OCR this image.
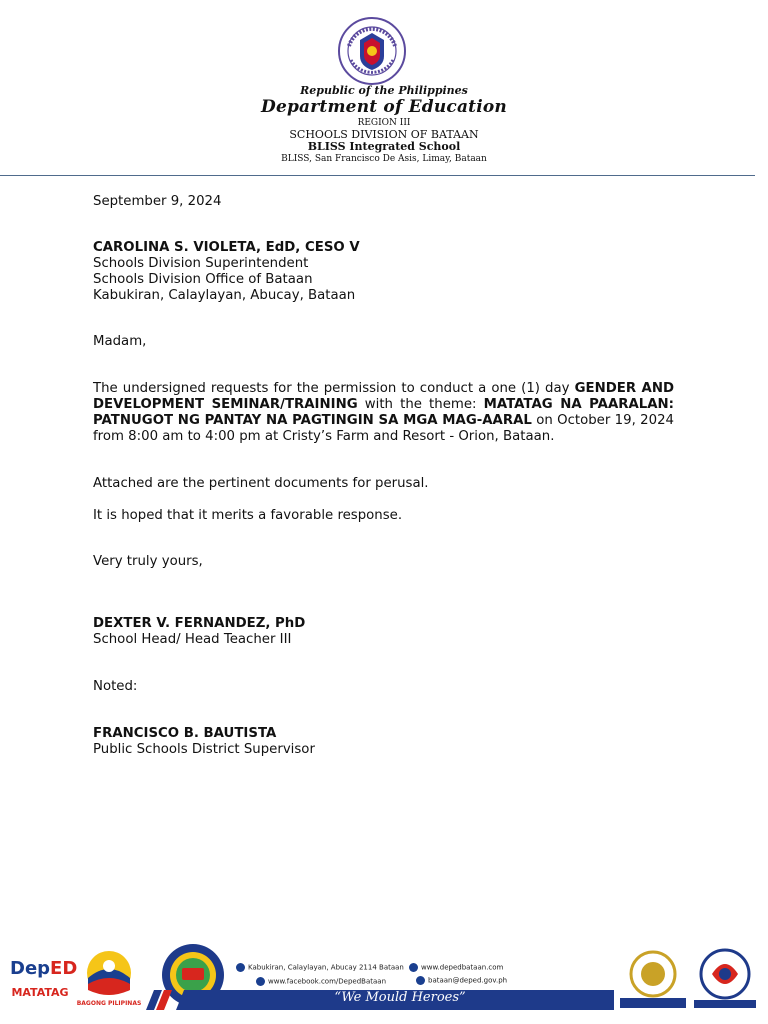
Republic of the Philippines
Department of Education
REGION III
SCHOOLS DIVISION OF BATAAN
BLISS Integrated School
BLISS, San Francisco De Asis, Limay, Bataan
September 9, 2024
CAROLINA S. VIOLETA, EdD, CESO V
Schools Division Superintendent
Schools Division Office of Bataan
Kabukiran, Calaylayan, Abucay, Bataan
Madam,
The undersigned requests for the permission to conduct a one (1) day GENDER AND DEVELOPMENT SEMINAR/TRAINING with the theme: MATATAG NA PAARALAN: PATNUGOT NG PANTAY NA PAGTINGIN SA MGA MAG-AARAL on October 19, 2024 from 8:00 am to 4:00 pm at Cristy’s Farm and Resort - Orion, Bataan.
Attached are the pertinent documents for perusal.
It is hoped that it merits a favorable response.
Very truly yours,
DEXTER V. FERNANDEZ, PhD
School Head/ Head Teacher III
Noted:
FRANCISCO B. BAUTISTA
Public Schools District Supervisor
DepED
MATATAG
BAGONG PILIPINAS
Kabukiran, Calaylayan, Abucay 2114 Bataan
www.facebook.com/DepedBataan
www.depedbataan.com
bataan@deped.gov.ph
“We Mould Heroes”
